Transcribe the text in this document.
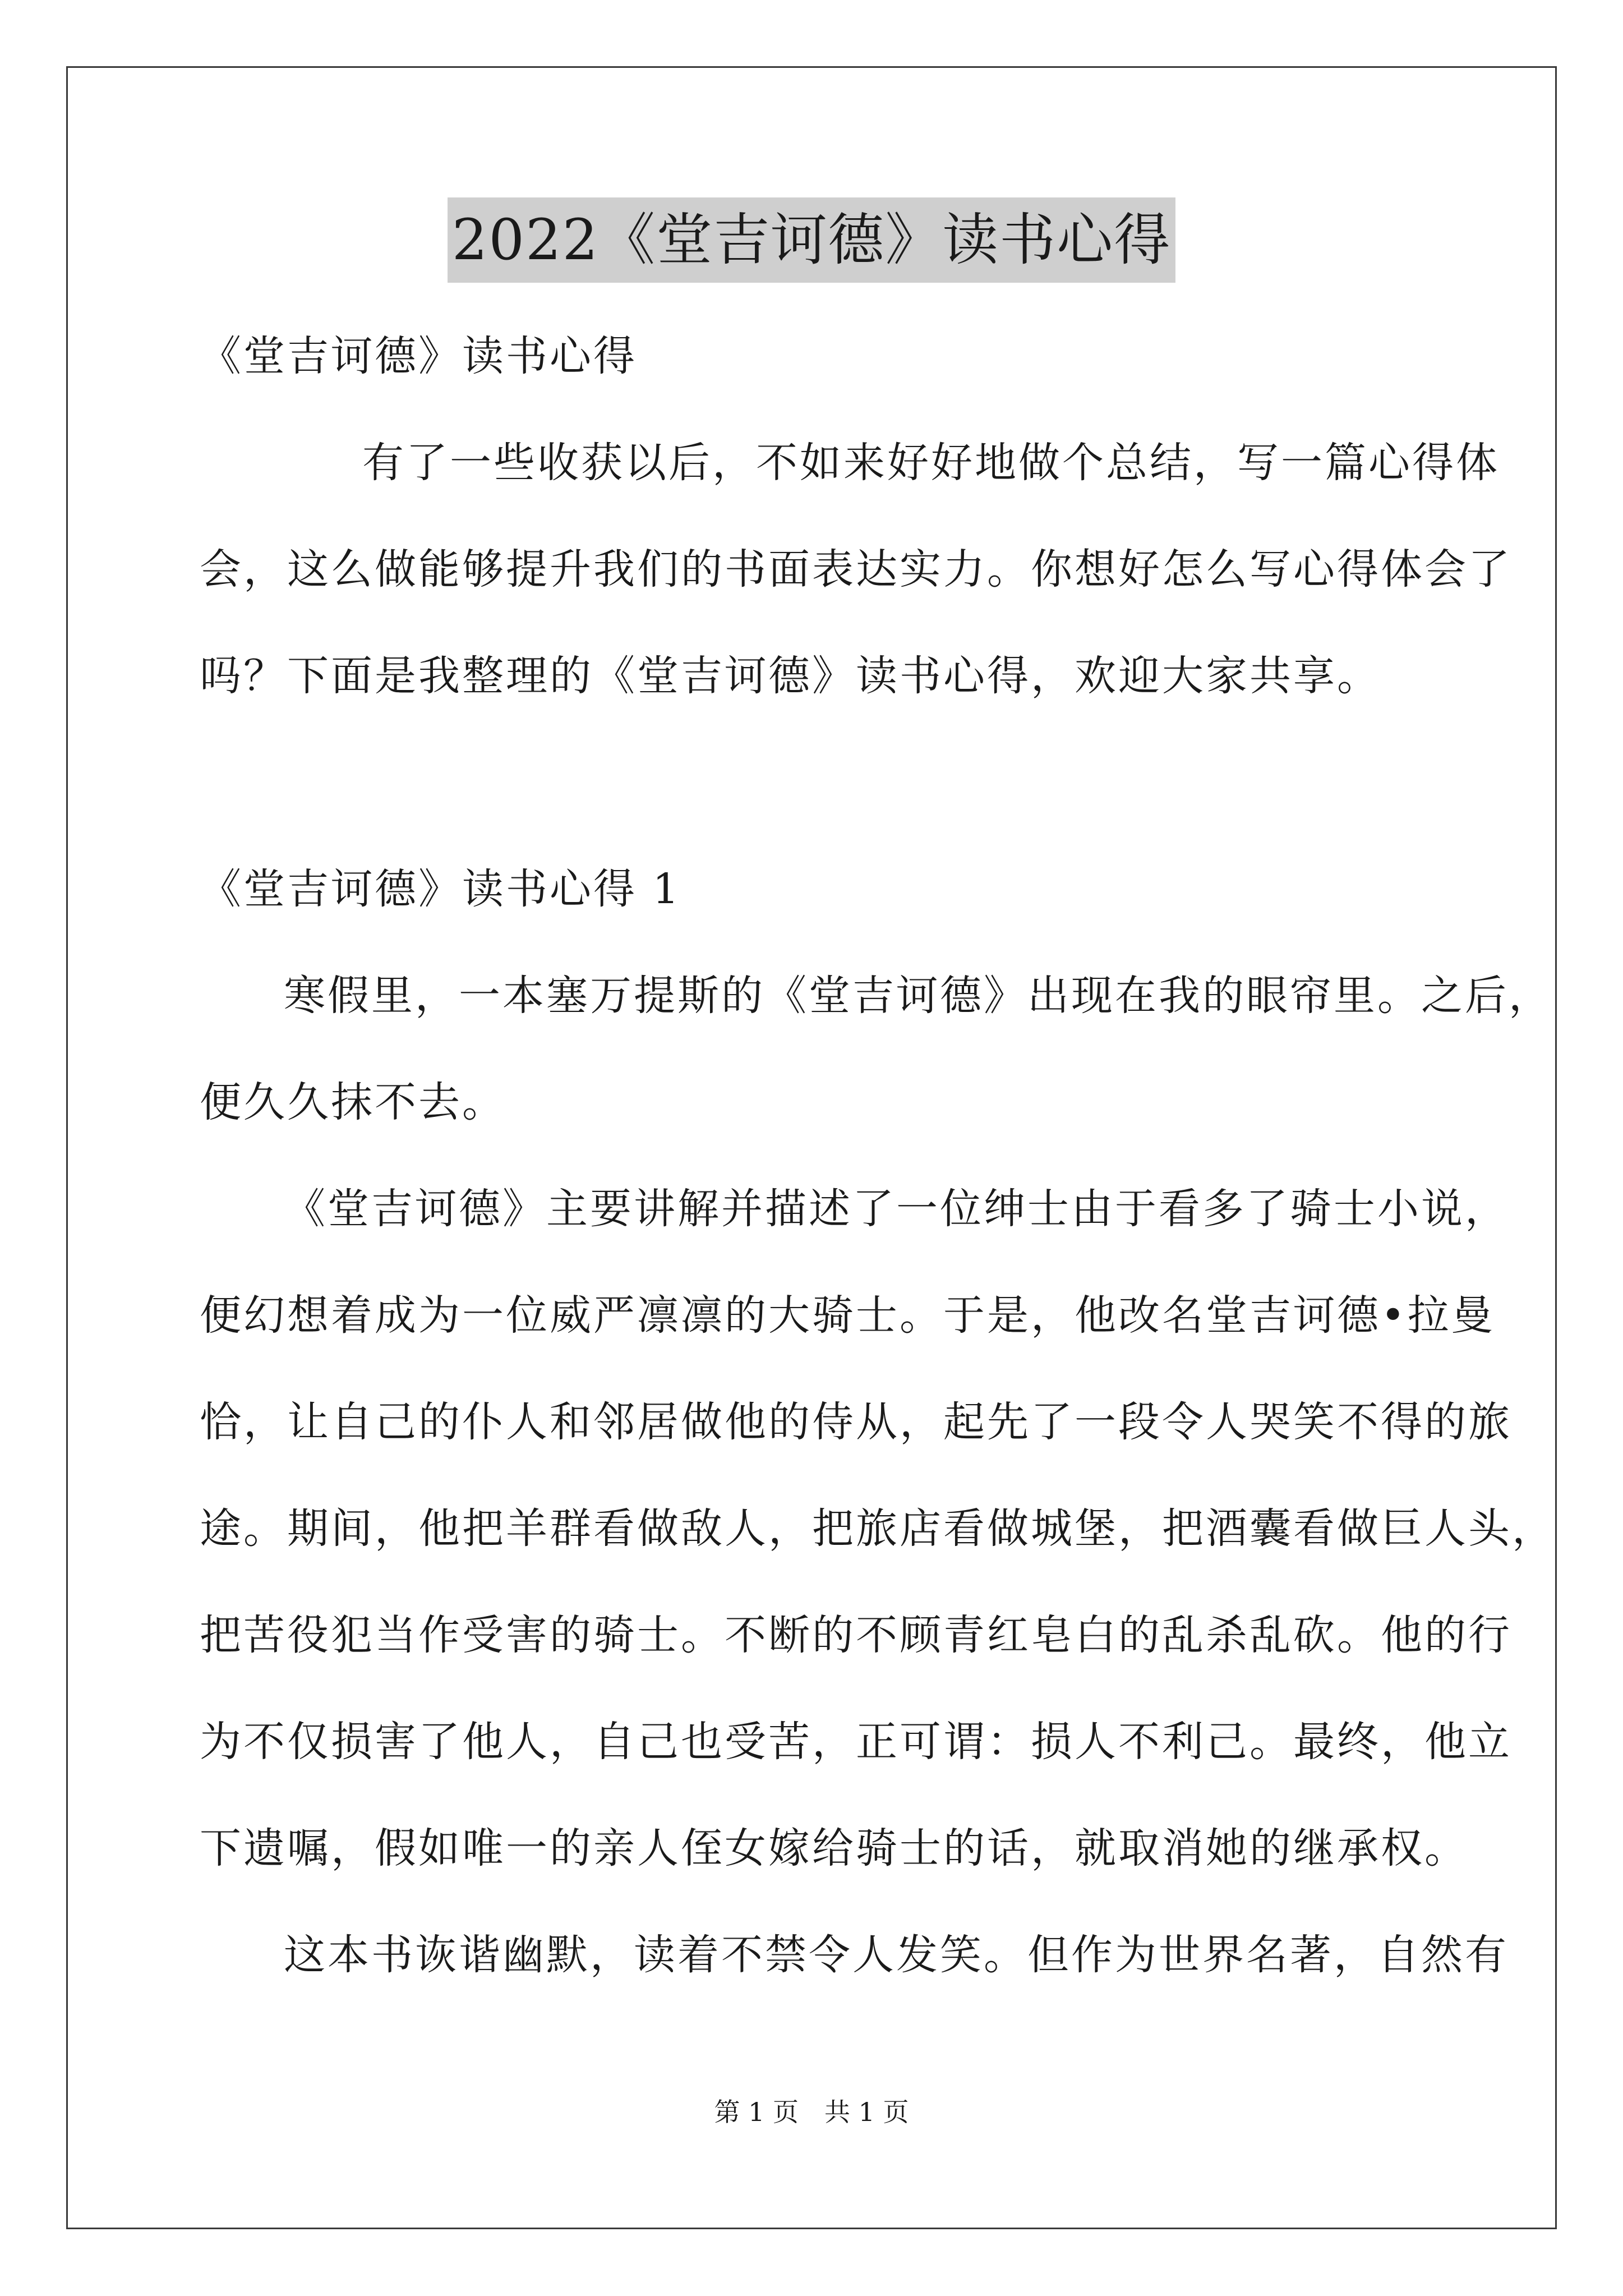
2022《堂吉诃德》读书心得
《堂吉诃德》读书心得
有了一些收获以后，不如来好好地做个总结，写一篇心得体
会，这么做能够提升我们的书面表达实力。你想好怎么写心得体会了
吗？下面是我整理的《堂吉诃德》读书心得，欢迎大家共享。
《堂吉诃德》读书心得 1
寒假里，一本塞万提斯的《堂吉诃德》出现在我的眼帘里。之后，
便久久抹不去。
《堂吉诃德》主要讲解并描述了一位绅士由于看多了骑士小说，
便幻想着成为一位威严凛凛的大骑士。于是，他改名堂吉诃德•拉曼
恰，让自己的仆人和邻居做他的侍从，起先了一段令人哭笑不得的旅
途。期间，他把羊群看做敌人，把旅店看做城堡，把酒囊看做巨人头，
把苦役犯当作受害的骑士。不断的不顾青红皂白的乱杀乱砍。他的行
为不仅损害了他人，自己也受苦，正可谓：损人不利己。最终，他立
下遗嘱，假如唯一的亲人侄女嫁给骑士的话，就取消她的继承权。
这本书诙谐幽默，读着不禁令人发笑。但作为世界名著，自然有
第 1 页　共 1 页
